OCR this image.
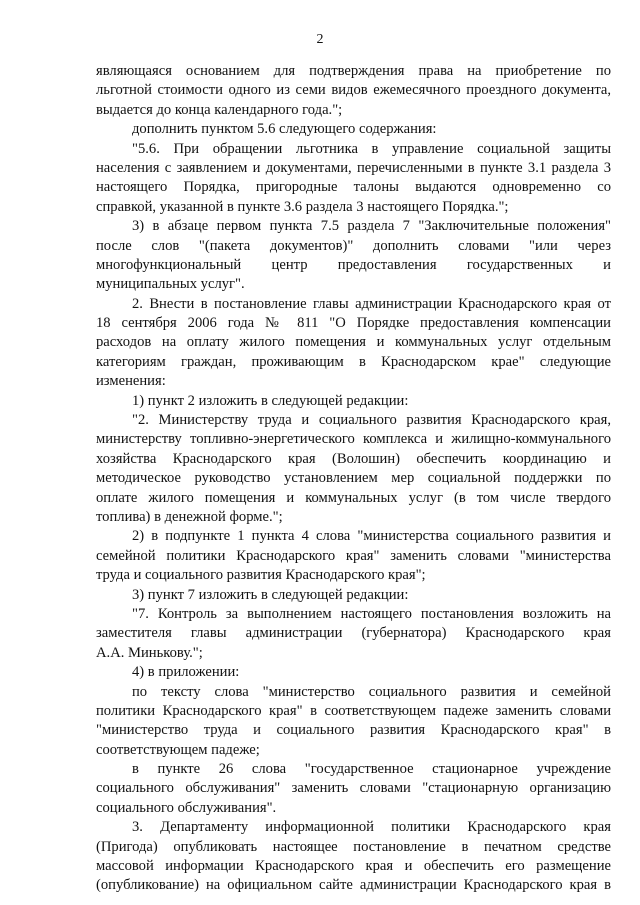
2
являющаяся основанием для подтверждения права на приобретение по
льготной стоимости одного из семи видов ежемесячного проездного документа,
выдается до конца календарного года.";
дополнить пунктом 5.6 следующего содержания:
"5.6. При обращении льготника в управление социальной защиты
населения с заявлением и документами, перечисленными в пункте 3.1 раздела 3
настоящего Порядка, пригородные талоны выдаются одновременно со
справкой, указанной в пункте 3.6 раздела 3 настоящего Порядка.";
3) в абзаце первом пункта 7.5 раздела 7 "Заключительные положения"
после слов "(пакета документов)" дополнить словами "или через
многофункциональный центр предоставления государственных и
муниципальных услуг".
2. Внести в постановление главы администрации Краснодарского края от
18 сентября 2006 года № 811 "О Порядке предоставления компенсации
расходов на оплату жилого помещения и коммунальных услуг отдельным
категориям граждан, проживающим в Краснодарском крае" следующие
изменения:
1) пункт 2 изложить в следующей редакции:
"2. Министерству труда и социального развития Краснодарского края,
министерству топливно-энергетического комплекса и жилищно-коммунального
хозяйства Краснодарского края (Волошин) обеспечить координацию и
методическое руководство установлением мер социальной поддержки по
оплате жилого помещения и коммунальных услуг (в том числе твердого
топлива) в денежной форме.";
2) в подпункте 1 пункта 4 слова "министерства социального развития и
семейной политики Краснодарского края" заменить словами "министерства
труда и социального развития Краснодарского края";
3) пункт 7 изложить в следующей редакции:
"7. Контроль за выполнением настоящего постановления возложить на
заместителя главы администрации (губернатора) Краснодарского края
А.А. Минькову.";
4) в приложении:
по тексту слова "министерство социального развития и семейной
политики Краснодарского края" в соответствующем падеже заменить словами
"министерство труда и социального развития Краснодарского края" в
соответствующем падеже;
в пункте 26 слова "государственное стационарное учреждение
социального обслуживания" заменить словами "стационарную организацию
социального обслуживания".
3. Департаменту информационной политики Краснодарского края
(Пригода) опубликовать настоящее постановление в печатном средстве
массовой информации Краснодарского края и обеспечить его размещение
(опубликование) на официальном сайте администрации Краснодарского края в
